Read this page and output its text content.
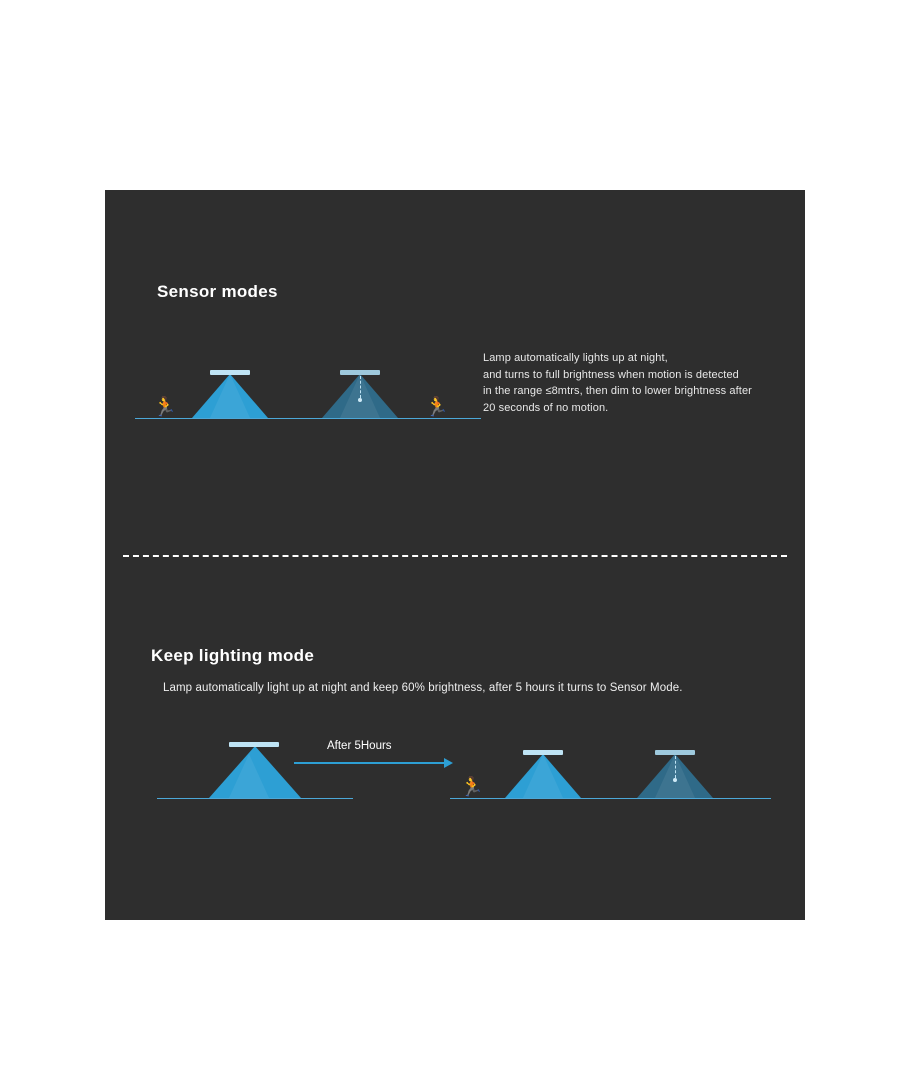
Sensor modes
Lamp automatically lights up at night,
and turns to full brightness when motion is detected
in the range ≤8mtrs, then dim to lower brightness after
20 seconds of no motion.
🏃	🏃
Keep lighting mode
Lamp automatically light up at night and keep 60% brightness, after 5 hours it turns to Sensor Mode.
After 5Hours
🏃
